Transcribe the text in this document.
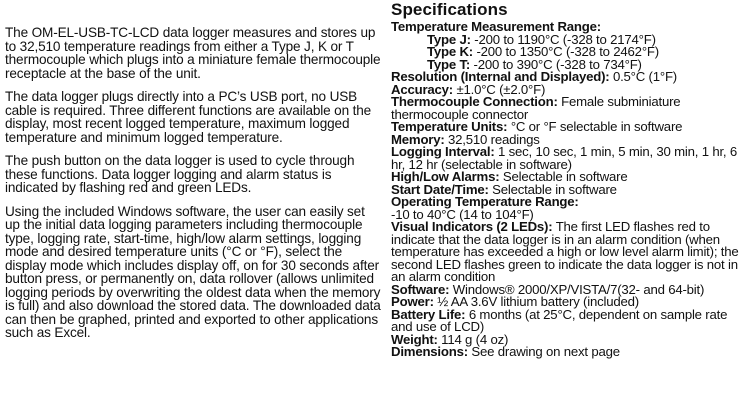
The OM-EL-USB-TC-LCD data logger measures and stores up to 32,510 temperature readings from either a Type J, K or T thermocouple which plugs into a miniature female thermocouple receptacle at the base of the unit.

The data logger plugs directly into a PC’s USB port, no USB cable is required. Three different functions are available on the display, most recent logged temperature, maximum logged temperature and minimum logged temperature.

The push button on the data logger is used to cycle through these functions. Data logger logging and alarm status is indicated by flashing red and green LEDs.

Using the included Windows software, the user can easily set up the initial data logging parameters including thermocouple type, logging rate, start-time, high/low alarm settings, logging mode and desired temperature units (°C or °F), select the display mode which includes display off, on for 30 seconds after button press, or permanently on, data rollover (allows unlimited logging periods by overwriting the oldest data when the memory is full) and also download the stored data. The downloaded data can then be graphed, printed and exported to other applications such as Excel.

Specifications
Temperature Measurement Range:
Type J: -200 to 1190°C (-328 to 2174°F)
Type K: -200 to 1350°C (-328 to 2462°F)
Type T: -200 to 390°C (-328 to 734°F)
Resolution (Internal and Displayed): 0.5°C (1°F)
Accuracy: ±1.0°C (±2.0°F)
Thermocouple Connection: Female subminiature thermocouple connector
Temperature Units: °C or °F selectable in software
Memory: 32,510 readings
Logging Interval: 1 sec, 10 sec, 1 min, 5 min, 30 min, 1 hr, 6 hr, 12 hr (selectable in software)
High/Low Alarms: Selectable in software
Start Date/Time: Selectable in software
Operating Temperature Range:
-10 to 40°C (14 to 104°F)
Visual Indicators (2 LEDs): The first LED flashes red to indicate that the data logger is in an alarm condition (when temperature has exceeded a high or low level alarm limit); the second LED flashes green to indicate the data logger is not in an alarm condition
Software: Windows® 2000/XP/VISTA/7(32- and 64-bit)
Power: ½ AA 3.6V lithium battery (included)
Battery Life: 6 months (at 25°C, dependent on sample rate and use of LCD)
Weight: 114 g (4 oz)
Dimensions: See drawing on next page
